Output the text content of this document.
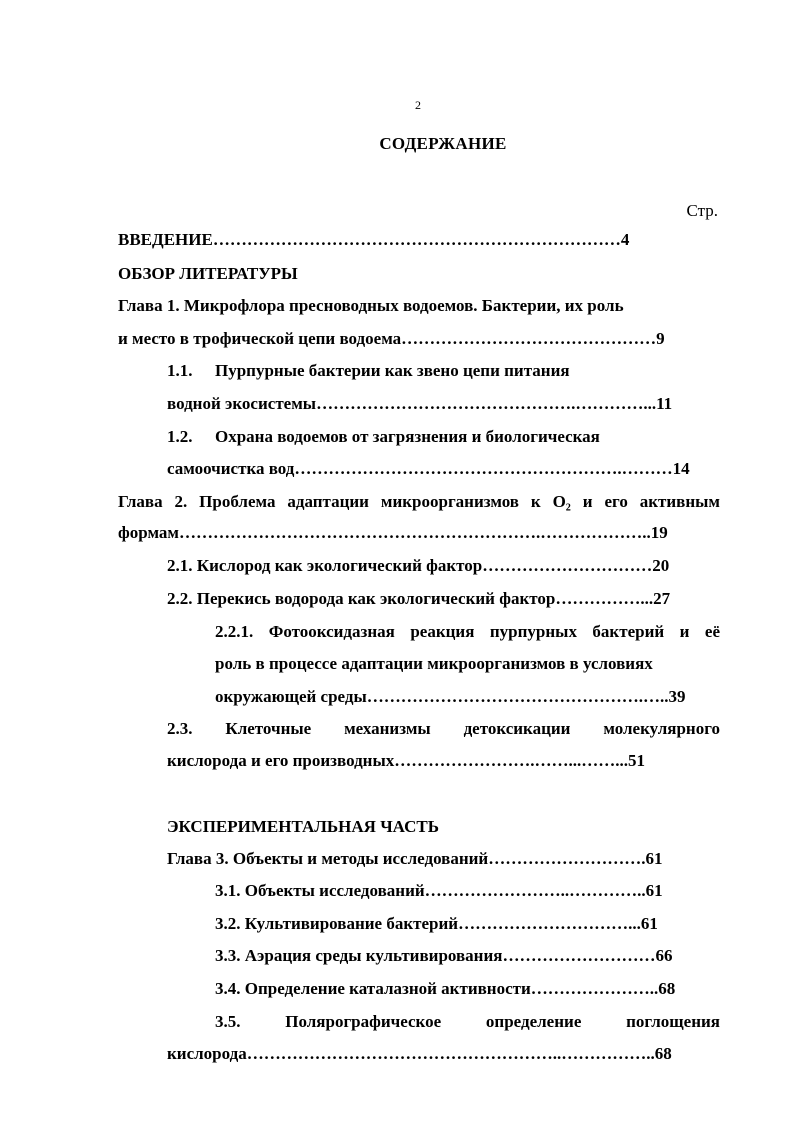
2
СОДЕРЖАНИЕ
Стр.
ВВЕДЕНИЕ………………………………………………………………4
ОБЗОР ЛИТЕРАТУРЫ
Глава 1. Микрофлора пресноводных водоемов. Бактерии, их роль
и место в трофической цепи водоема………………………………………9
1.1. Пурпурные бактерии как звено цепи питания
водной экосистемы……………………………………….…………...11
1.2. Охрана водоемов от загрязнения и биологическая
самоочистка вод………………………………………………….………14
Глава 2. Проблема адаптации микроорганизмов к O₂ и его активным
формам……………………………………………………….………………..19
2.1. Кислород как экологический фактор…………………………20
2.2. Перекись водорода как экологический фактор……………...27
2.2.1. Фотооксидазная реакция пурпурных бактерий и её
роль в процессе адаптации микроорганизмов в условиях
окружающей среды………………………………………….…..39
2.3. Клеточные механизмы детоксикации молекулярного
кислорода и его производных…………………….……...……...51
ЭКСПЕРИМЕНТАЛЬНАЯ ЧАСТЬ
Глава 3. Объекты и методы исследований……………………….61
3.1. Объекты исследований……………………..…………..61
3.2. Культивирование бактерий…………………………...61
3.3. Аэрация среды культивирования………………………66
3.4. Определение каталазной активности…………………..68
3.5. Полярографическое определение поглощения
кислорода………………………………………………..……………..68
